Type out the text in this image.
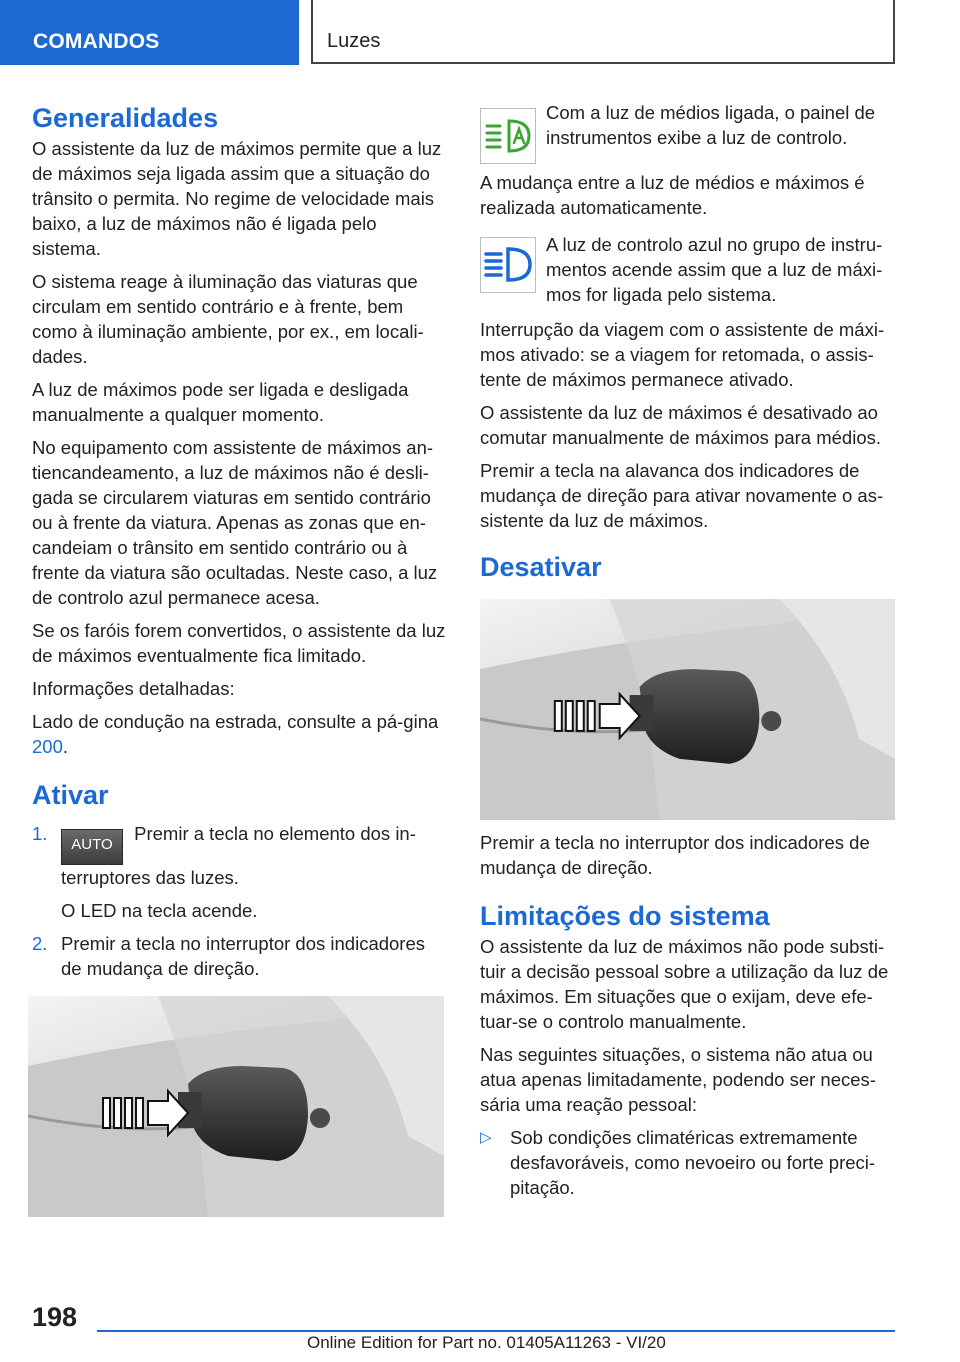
COMANDOS	Luzes
Generalidades

O assistente da luz de máximos permite que a luz de máximos seja ligada assim que a situação do trânsito o permita. No regime de velocidade mais baixo, a luz de máximos não é ligada pelo sistema.

O sistema reage à iluminação das viaturas que circulam em sentido contrário e à frente, bem como à iluminação ambiente, por ex., em locali‐dades.

A luz de máximos pode ser ligada e desligada manualmente a qualquer momento.

No equipamento com assistente de máximos an‐tiencandeamento, a luz de máximos não é desli‐gada se circularem viaturas em sentido contrário ou à frente da viatura. Apenas as zonas que en‐candeiam o trânsito em sentido contrário ou à frente da viatura são ocultadas. Neste caso, a luz de controlo azul permanece acesa.

Se os faróis forem convertidos, o assistente da luz de máximos eventualmente fica limitado.

Informações detalhadas:

Lado de condução na estrada, consulte a pá‐gina 200.

Ativar
1.
AUTO Premir a tecla no elemento dos in‐terruptores das luzes.

O LED na tecla acende.

2. Premir a tecla no interruptor dos indicadores de mudança de direção.
Com a luz de médios ligada, o painel de instrumentos exibe a luz de controlo.

A mudança entre a luz de médios e máximos é realizada automaticamente.

A luz de controlo azul no grupo de instru‐mentos acende assim que a luz de máxi‐mos for ligada pelo sistema.

Interrupção da viagem com o assistente de máxi‐mos ativado: se a viagem for retomada, o assis‐tente de máximos permanece ativado.

O assistente da luz de máximos é desativado ao comutar manualmente de máximos para médios.

Premir a tecla na alavanca dos indicadores de mudança de direção para ativar novamente o as‐sistente da luz de máximos.

Desativar

Premir a tecla no interruptor dos indicadores de mudança de direção.

Limitações do sistema

O assistente da luz de máximos não pode substi‐tuir a decisão pessoal sobre a utilização da luz de máximos. Em situações que o exijam, deve efe‐tuar-se o controlo manualmente.

Nas seguintes situações, o sistema não atua ou atua apenas limitadamente, podendo ser neces‐sária uma reação pessoal:

▷ Sob condições climatéricas extremamente desfavoráveis, como nevoeiro ou forte preci‐pitação.
198
Online Edition for Part no. 01405A11263 - VI/20
